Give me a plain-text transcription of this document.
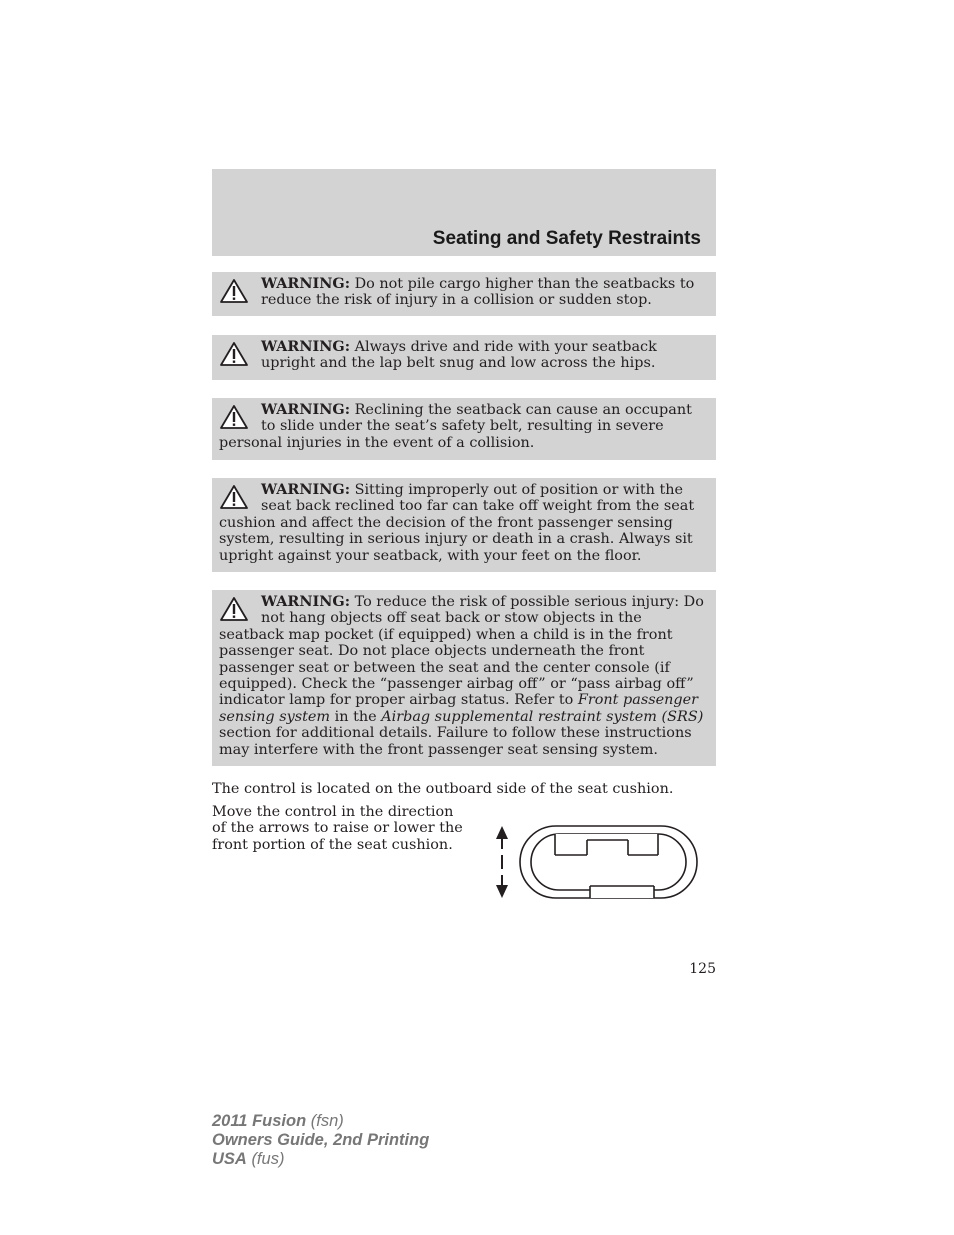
Seating and Safety Restraints
WARNING: Do not pile cargo higher than the seatbacks to reduce the risk of injury in a collision or sudden stop.
WARNING: Always drive and ride with your seatback upright and the lap belt snug and low across the hips.
WARNING: Reclining the seatback can cause an occupant to slide under the seat’s safety belt, resulting in severe personal injuries in the event of a collision.
WARNING: Sitting improperly out of position or with the seat back reclined too far can take off weight from the seat cushion and affect the decision of the front passenger sensing system, resulting in serious injury or death in a crash. Always sit upright against your seatback, with your feet on the floor.
WARNING: To reduce the risk of possible serious injury: Do not hang objects off seat back or stow objects in the seatback map pocket (if equipped) when a child is in the front passenger seat. Do not place objects underneath the front passenger seat or between the seat and the center console (if equipped). Check the “passenger airbag off” or “pass airbag off” indicator lamp for proper airbag status. Refer to Front passenger sensing system in the Airbag supplemental restraint system (SRS) section for additional details. Failure to follow these instructions may interfere with the front passenger seat sensing system.
The control is located on the outboard side of the seat cushion.
Move the control in the direction of the arrows to raise or lower the front portion of the seat cushion.
125
2011 Fusion (fsn)
Owners Guide, 2nd Printing
USA (fus)
